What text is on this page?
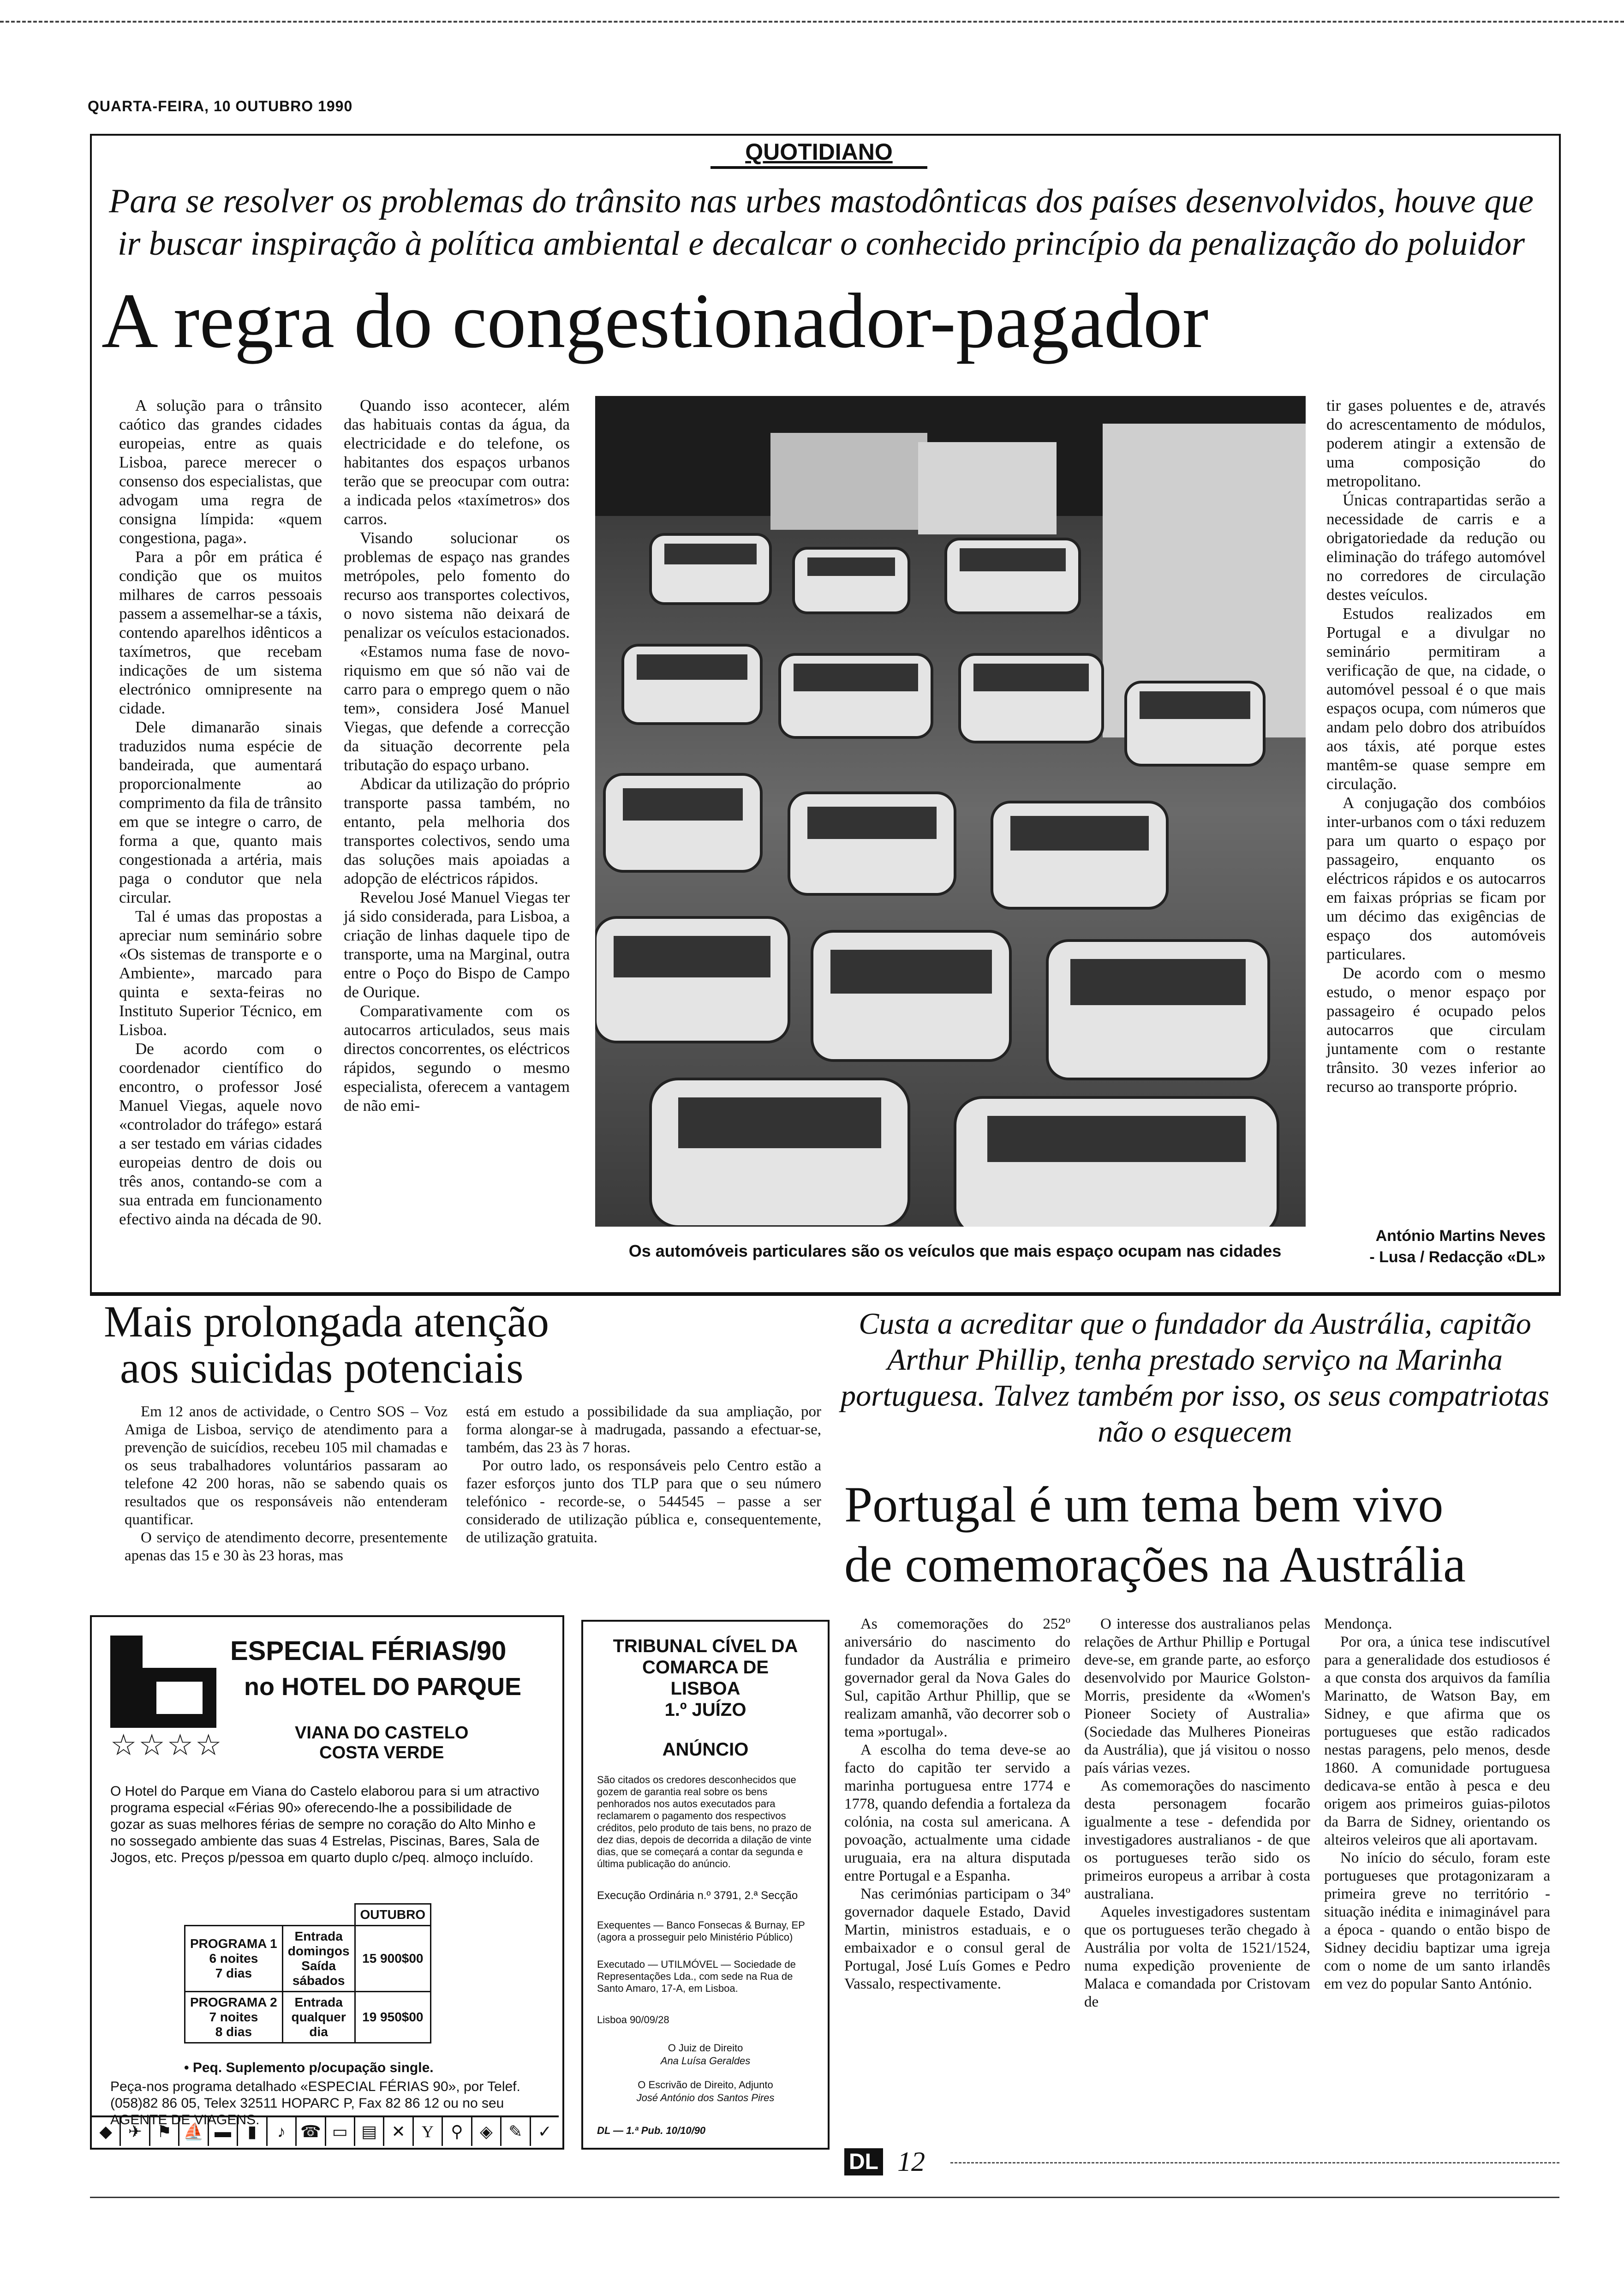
QUARTA-FEIRA, 10 OUTUBRO 1990
QUOTIDIANO
Para se resolver os problemas do trânsito nas urbes mastodônticas dos países desenvolvidos, houve que ir buscar inspiração à política ambiental e decalcar o conhecido princípio da penalização do poluidor
A regra do congestionador-pagador

A solução para o trânsito caótico das grandes cidades europeias, entre as quais Lisboa, parece merecer o consenso dos especialistas, que advogam uma regra de consigna límpida: «quem congestiona, paga».

Para a pôr em prática é condição que os muitos milhares de carros pessoais passem a assemelhar-se a táxis, contendo aparelhos idênticos a taxímetros, que recebam indicações de um sistema electrónico omnipresente na cidade.

Dele dimanarão sinais traduzidos numa espécie de bandeirada, que aumentará proporcionalmente ao comprimento da fila de trânsito em que se integre o carro, de forma a que, quanto mais congestionada a artéria, mais paga o condutor que nela circular.

Tal é umas das propostas a apreciar num seminário sobre «Os sistemas de transporte e o Ambiente», marcado para quinta e sexta-feiras no Instituto Superior Técnico, em Lisboa.

De acordo com o coordenador científico do encontro, o professor José Manuel Viegas, aquele novo «controlador do tráfego» estará a ser testado em várias cidades europeias dentro de dois ou três anos, contando-se com a sua entrada em funcionamento efectivo ainda na década de 90.

Quando isso acontecer, além das habituais contas da água, da electricidade e do telefone, os habitantes dos espaços urbanos terão que se preocupar com outra: a indicada pelos «taxímetros» dos carros.

Visando solucionar os problemas de espaço nas grandes metrópoles, pelo fomento do recurso aos transportes colectivos, o novo sistema não deixará de penalizar os veículos estacionados.

«Estamos numa fase de novo-riquismo em que só não vai de carro para o emprego quem o não tem», considera José Manuel Viegas, que defende a correcção da situação decorrente pela tributação do espaço urbano.

Abdicar da utilização do próprio transporte passa também, no entanto, pela melhoria dos transportes colectivos, sendo uma das soluções mais apoiadas a adopção de eléctricos rápidos.

Revelou José Manuel Viegas ter já sido considerada, para Lisboa, a criação de linhas daquele tipo de transporte, uma na Marginal, outra entre o Poço do Bispo de Campo de Ourique.

Comparativamente com os autocarros articulados, seus mais directos concorrentes, os eléctricos rápidos, segundo o mesmo especialista, oferecem a vantagem de não emi-

Os automóveis particulares são os veículos que mais espaço ocupam nas cidades

tir gases poluentes e de, através do acrescentamento de módulos, poderem atingir a extensão de uma composição do metropolitano.

Únicas contrapartidas serão a necessidade de carris e a obrigatoriedade da redução ou eliminação do tráfego automóvel no corredores de circulação destes veículos.

Estudos realizados em Portugal e a divulgar no seminário permitiram a verificação de que, na cidade, o automóvel pessoal é o que mais espaços ocupa, com números que andam pelo dobro dos atribuídos aos táxis, até porque estes mantêm-se quase sempre em circulação.

A conjugação dos combóios inter-urbanos com o táxi reduzem para um quarto o espaço por passageiro, enquanto os eléctricos rápidos e os autocarros em faixas próprias se ficam por um décimo das exigências de espaço dos automóveis particulares.

De acordo com o mesmo estudo, o menor espaço por passageiro é ocupado pelos autocarros que circulam juntamente com o restante trânsito. 30 vezes inferior ao recurso ao transporte próprio.

António Martins Neves
- Lusa / Redacção «DL»
Mais prolongada atenção
aos suicidas potenciais

Em 12 anos de actividade, o Centro SOS – Voz Amiga de Lisboa, serviço de atendimento para a prevenção de suicídios, recebeu 105 mil chamadas e os seus trabalhadores voluntários passaram ao telefone 42 200 horas, não se sabendo quais os resultados que os responsáveis não entenderam quantificar.

O serviço de atendimento decorre, presentemente apenas das 15 e 30 às 23 horas, mas

está em estudo a possibilidade da sua ampliação, por forma alongar-se à madrugada, passando a efectuar-se, também, das 23 às 7 horas.

Por outro lado, os responsáveis pelo Centro estão a fazer esforços junto dos TLP para que o seu número telefónico - recorde-se, o 544545 – passe a ser considerado de utilização pública e, consequentemente, de utilização gratuita.

Custa a acreditar que o fundador da Austrália, capitão Arthur Phillip, tenha prestado serviço na Marinha portuguesa. Talvez também por isso, os seus compatriotas não o esquecem
Portugal é um tema bem vivo
de comemorações na Austrália

As comemorações do 252º aniversário do nascimento do fundador da Austrália e primeiro governador geral da Nova Gales do Sul, capitão Arthur Phillip, que se realizam amanhã, vão decorrer sob o tema »portugal».

A escolha do tema deve-se ao facto do capitão ter servido a marinha portuguesa entre 1774 e 1778, quando defendia a fortaleza da colónia, na costa sul americana. A povoação, actualmente uma cidade uruguaia, era na altura disputada entre Portugal e a Espanha.

Nas cerimónias participam o 34º governador daquele Estado, David Martin, ministros estaduais, e o embaixador e o consul geral de Portugal, José Luís Gomes e Pedro Vassalo, respectivamente.

O interesse dos australianos pelas relações de Arthur Phillip e Portugal deve-se, em grande parte, ao esforço desenvolvido por Maurice Golston-Morris, presidente da «Women's Pioneer Society of Australia» (Sociedade das Mulheres Pioneiras da Austrália), que já visitou o nosso país várias vezes.

As comemorações do nascimento desta personagem focarão igualmente a tese - defendida por investigadores australianos - de que os portugueses terão sido os primeiros europeus a arribar à costa australiana.

Aqueles investigadores sustentam que os portugueses terão chegado à Austrália por volta de 1521/1524, numa expedição proveniente de Malaca e comandada por Cristovam de

Mendonça.

Por ora, a única tese indiscutível para a generalidade dos estudiosos é a que consta dos arquivos da família Marinatto, de Watson Bay, em Sidney, e que afirma que os portugueses que estão radicados nestas paragens, pelo menos, desde 1860. A comunidade portuguesa dedicava-se então à pesca e deu origem aos primeiros guias-pilotos da Barra de Sidney, orientando os alteiros veleiros que ali aportavam.

No início do século, foram este portugueses que protagonizaram a primeira greve no território - situação inédita e inimaginável para a época - quando o então bispo de Sidney decidiu baptizar uma igreja com o nome de um santo irlandês em vez do popular Santo António.

ESPECIAL FÉRIAS/90
no HOTEL DO PARQUE
☆☆☆☆	VIANA DO CASTELO
COSTA VERDE
O Hotel do Parque em Viana do Castelo elaborou para si um atractivo programa especial «Férias 90» oferecendo-lhe a possibilidade de gozar as suas melhores férias de sempre no coração do Alto Minho e no sossegado ambiente das suas 4 Estrelas, Piscinas, Bares, Sala de Jogos, etc. Preços p/pessoa em quarto duplo c/peq. almoço incluído.
		OUTUBRO
PROGRAMA 1
6 noites
7 dias	Entrada
domingos
Saída
sábados	15 900$00
PROGRAMA 2
7 noites
8 dias	Entrada
qualquer
dia	19 950$00
• Peq. Suplemento p/ocupação single.
Peça-nos programa detalhado «ESPECIAL FÉRIAS 90», por Telef. (058)82 86 05, Telex 32511 HOPARC P, Fax 82 86 12 ou no seu AGENTE DE VIAGENS.
◆ ✈ ⚑ ⛵ ▬ ▮	♪ ☎ ▭ ▤ ✕ Y	⚲	◈ ✎ ✓
TRIBUNAL CÍVEL DA
COMARCA DE
LISBOA
1.º JUÍZO
ANÚNCIO
São citados os credores desconhecidos que gozem de garantia real sobre os bens penhorados nos autos executados para reclamarem o pagamento dos respectivos créditos, pelo produto de tais bens, no prazo de dez dias, depois de decorrida a dilação de vinte dias, que se começará a contar da segunda e última publicação do anúncio.
Execução Ordinária n.º 3791, 2.ª Secção
Exequentes — Banco Fonsecas & Burnay, EP (agora a prosseguir pelo Ministério Público)
Executado — UTILMÓVEL — Sociedade de Representações Lda., com sede na Rua de Santo Amaro, 17-A, em Lisboa.
Lisboa 90/09/28
O Juiz de Direito
Ana Luísa Geraldes
O Escrivão de Direito, Adjunto
José António dos Santos Pires
DL — 1.ª Pub. 10/10/90
DL 12
